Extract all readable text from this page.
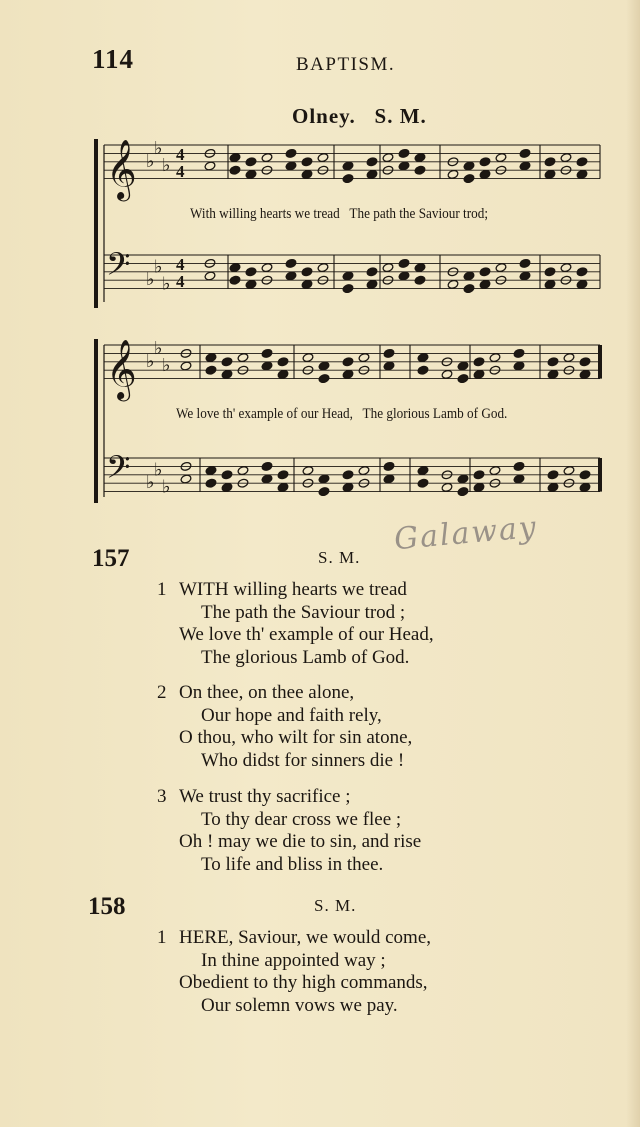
114	BAPTISM.
Olney.   S. M.
𝄞 ♭
♭
♭
4
4
𝄢 ♭
♭
♭
4
4
𝄞 ♭
♭
♭
𝄢 ♭
♭
♭
With willing hearts we tread   The path the Saviour trod;
We love th' example of our Head,   The glorious Lamb of God.
Galaway
157	S. M.
1 WITH willing hearts we tread
The path the Saviour trod ;
We love th' example of our Head,
The glorious Lamb of God.
2 On thee, on thee alone,
Our hope and faith rely,
O thou, who wilt for sin atone,
Who didst for sinners die !
3 We trust thy sacrifice ;
To thy dear cross we flee ;
Oh ! may we die to sin, and rise
To life and bliss in thee.
158	S. M.
1 HERE, Saviour, we would come,
In thine appointed way ;
Obedient to thy high commands,
Our solemn vows we pay.
